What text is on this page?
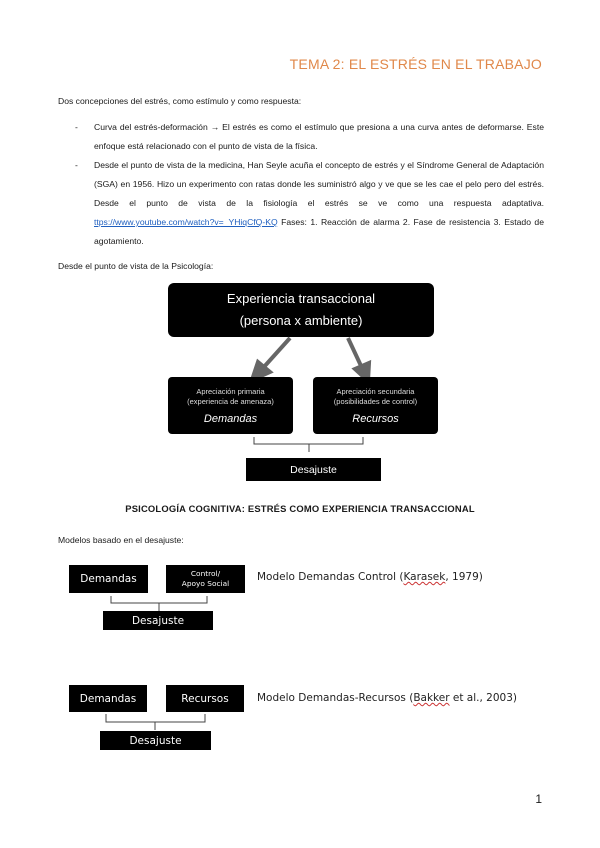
TEMA 2: EL ESTRÉS EN EL TRABAJO
Dos concepciones del estrés, como estímulo y como respuesta:
- Curva del estrés-deformación → El estrés es como el estímulo que presiona a una curva antes de deformarse. Este enfoque está relacionado con el punto de vista de la física.
- Desde el punto de vista de la medicina, Han Seyle acuña el concepto de estrés y el Síndrome General de Adaptación (SGA) en 1956. Hizo un experimento con ratas donde les suministró algo y ve que se les cae el pelo pero del estrés. Desde el punto de vista de la fisiología el estrés se ve como una respuesta adaptativa. ttps://www.youtube.com/watch?v=_YHiqCfQ-KQ Fases: 1. Reacción de alarma 2. Fase de resistencia 3. Estado de agotamiento.
Desde el punto de vista de la Psicología:
Experiencia transaccional
(persona x ambiente)
Apreciación primaria
(experiencia de amenaza)
Demandas
Apreciación secundaria
(posibilidades de control)
Recursos
Desajuste
PSICOLOGÍA COGNITIVA: ESTRÉS COMO EXPERIENCIA TRANSACCIONAL
Modelos basado en el desajuste:
Demandas	Control/
Apoyo Social
Desajuste
Modelo Demandas Control (Karasek, 1979)
Demandas	Recursos
Desajuste
Modelo Demandas-Recursos (Bakker et al., 2003)
1
